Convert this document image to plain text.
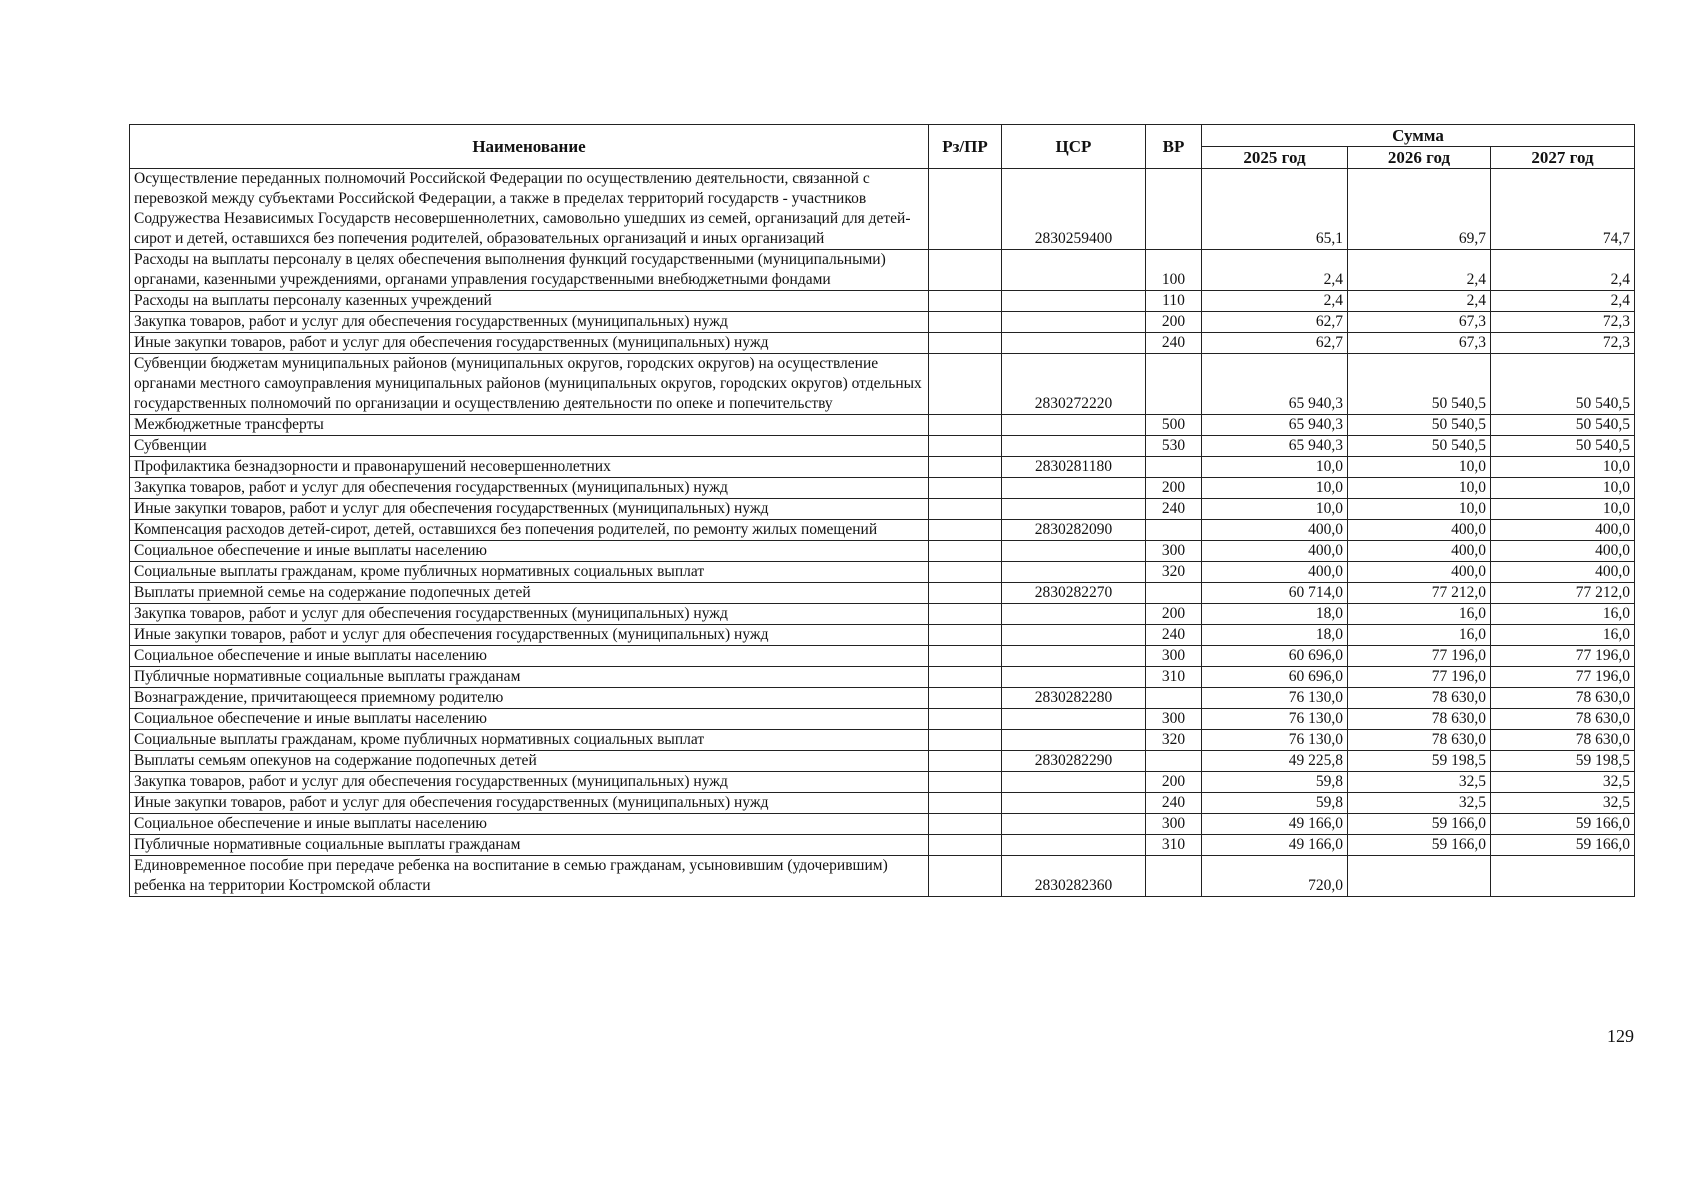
Наименование	Рз/ПР	ЦСР	ВР	Сумма		
				2025 год	2026 год	2027 год
Осуществление переданных полномочий Российской Федерации по осуществлению деятельности, связанной с перевозкой между субъектами Российской Федерации, а также в пределах территорий государств - участников Содружества Независимых Государств несовершеннолетних, самовольно ушедших из семей, организаций для детей-сирот и детей, оставшихся без попечения родителей, образовательных организаций и иных организаций		2830259400		65,1	69,7	74,7
Расходы на выплаты персоналу в целях обеспечения выполнения функций государственными (муниципальными) органами, казенными учреждениями, органами управления государственными внебюджетными фондами			100	2,4	2,4	2,4
Расходы на выплаты персоналу казенных учреждений			110	2,4	2,4	2,4
Закупка товаров, работ и услуг для обеспечения государственных (муниципальных) нужд			200	62,7	67,3	72,3
Иные закупки товаров, работ и услуг для обеспечения государственных (муниципальных) нужд			240	62,7	67,3	72,3
Субвенции бюджетам муниципальных районов (муниципальных округов, городских округов) на осуществление органами местного самоуправления муниципальных районов (муниципальных округов, городских округов) отдельных государственных полномочий по организации и осуществлению деятельности по опеке и попечительству		2830272220		65 940,3	50 540,5	50 540,5
Межбюджетные трансферты			500	65 940,3	50 540,5	50 540,5
Субвенции			530	65 940,3	50 540,5	50 540,5
Профилактика безнадзорности и правонарушений несовершеннолетних		2830281180		10,0	10,0	10,0
Закупка товаров, работ и услуг для обеспечения государственных (муниципальных) нужд			200	10,0	10,0	10,0
Иные закупки товаров, работ и услуг для обеспечения государственных (муниципальных) нужд			240	10,0	10,0	10,0
Компенсация расходов детей-сирот, детей, оставшихся без попечения родителей, по ремонту жилых помещений		2830282090		400,0	400,0	400,0
Социальное обеспечение и иные выплаты населению			300	400,0	400,0	400,0
Социальные выплаты гражданам, кроме публичных нормативных социальных выплат			320	400,0	400,0	400,0
Выплаты приемной семье на содержание подопечных детей		2830282270		60 714,0	77 212,0	77 212,0
Закупка товаров, работ и услуг для обеспечения государственных (муниципальных) нужд			200	18,0	16,0	16,0
Иные закупки товаров, работ и услуг для обеспечения государственных (муниципальных) нужд			240	18,0	16,0	16,0
Социальное обеспечение и иные выплаты населению			300	60 696,0	77 196,0	77 196,0
Публичные нормативные социальные выплаты гражданам			310	60 696,0	77 196,0	77 196,0
Вознаграждение, причитающееся приемному родителю		2830282280		76 130,0	78 630,0	78 630,0
Социальное обеспечение и иные выплаты населению			300	76 130,0	78 630,0	78 630,0
Социальные выплаты гражданам, кроме публичных нормативных социальных выплат			320	76 130,0	78 630,0	78 630,0
Выплаты семьям опекунов на содержание подопечных детей		2830282290		49 225,8	59 198,5	59 198,5
Закупка товаров, работ и услуг для обеспечения государственных (муниципальных) нужд			200	59,8	32,5	32,5
Иные закупки товаров, работ и услуг для обеспечения государственных (муниципальных) нужд			240	59,8	32,5	32,5
Социальное обеспечение и иные выплаты населению			300	49 166,0	59 166,0	59 166,0
Публичные нормативные социальные выплаты гражданам			310	49 166,0	59 166,0	59 166,0
Единовременное пособие при передаче ребенка на воспитание в семью гражданам, усыновившим (удочерившим) ребенка на территории Костромской области		2830282360		720,0		
129
